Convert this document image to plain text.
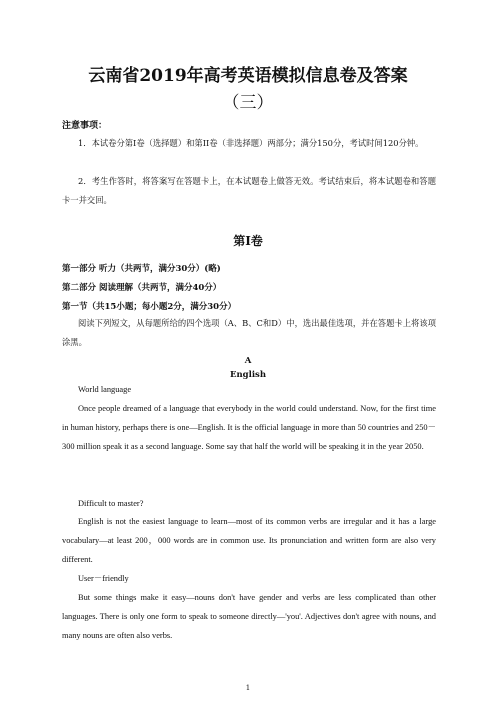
云南省2019年高考英语模拟信息卷及答案
（三）
注意事项：
1．本试卷分第I卷（选择题）和第II卷（非选择题）两部分；满分150分，考试时间120分钟。
2．考生作答时，将答案写在答题卡上，在本试题卷上做答无效。考试结束后，将本试题卷和答题卡一并交回。
第I卷
第一部分 听力（共两节，满分30分）(略)
第二部分 阅读理解（共两节，满分40分）
第一节（共15小题；每小题2分，满分30分）
阅读下列短文，从每题所给的四个选项（A、B、C和D）中，选出最佳选项，并在答题卡上将该项涂黑。
A
English
World language
Once people dreamed of a language that everybody in the world could understand. Now, for the first time in human history, perhaps there is one—English. It is the official language in more than 50 countries and 250－300 million speak it as a second language. Some say that half the world will be speaking it in the year 2050.
Difficult to master?
English is not the easiest language to learn—most of its common verbs are irregular and it has a large vocabulary—at least 200，000 words are in common use. Its pronunciation and written form are also very different.
User－friendly
But some things make it easy—nouns don't have gender and verbs are less complicated than other languages. There is only one form to speak to someone directly—'you'. Adjectives don't agree with nouns, and many nouns are often also verbs.
1
